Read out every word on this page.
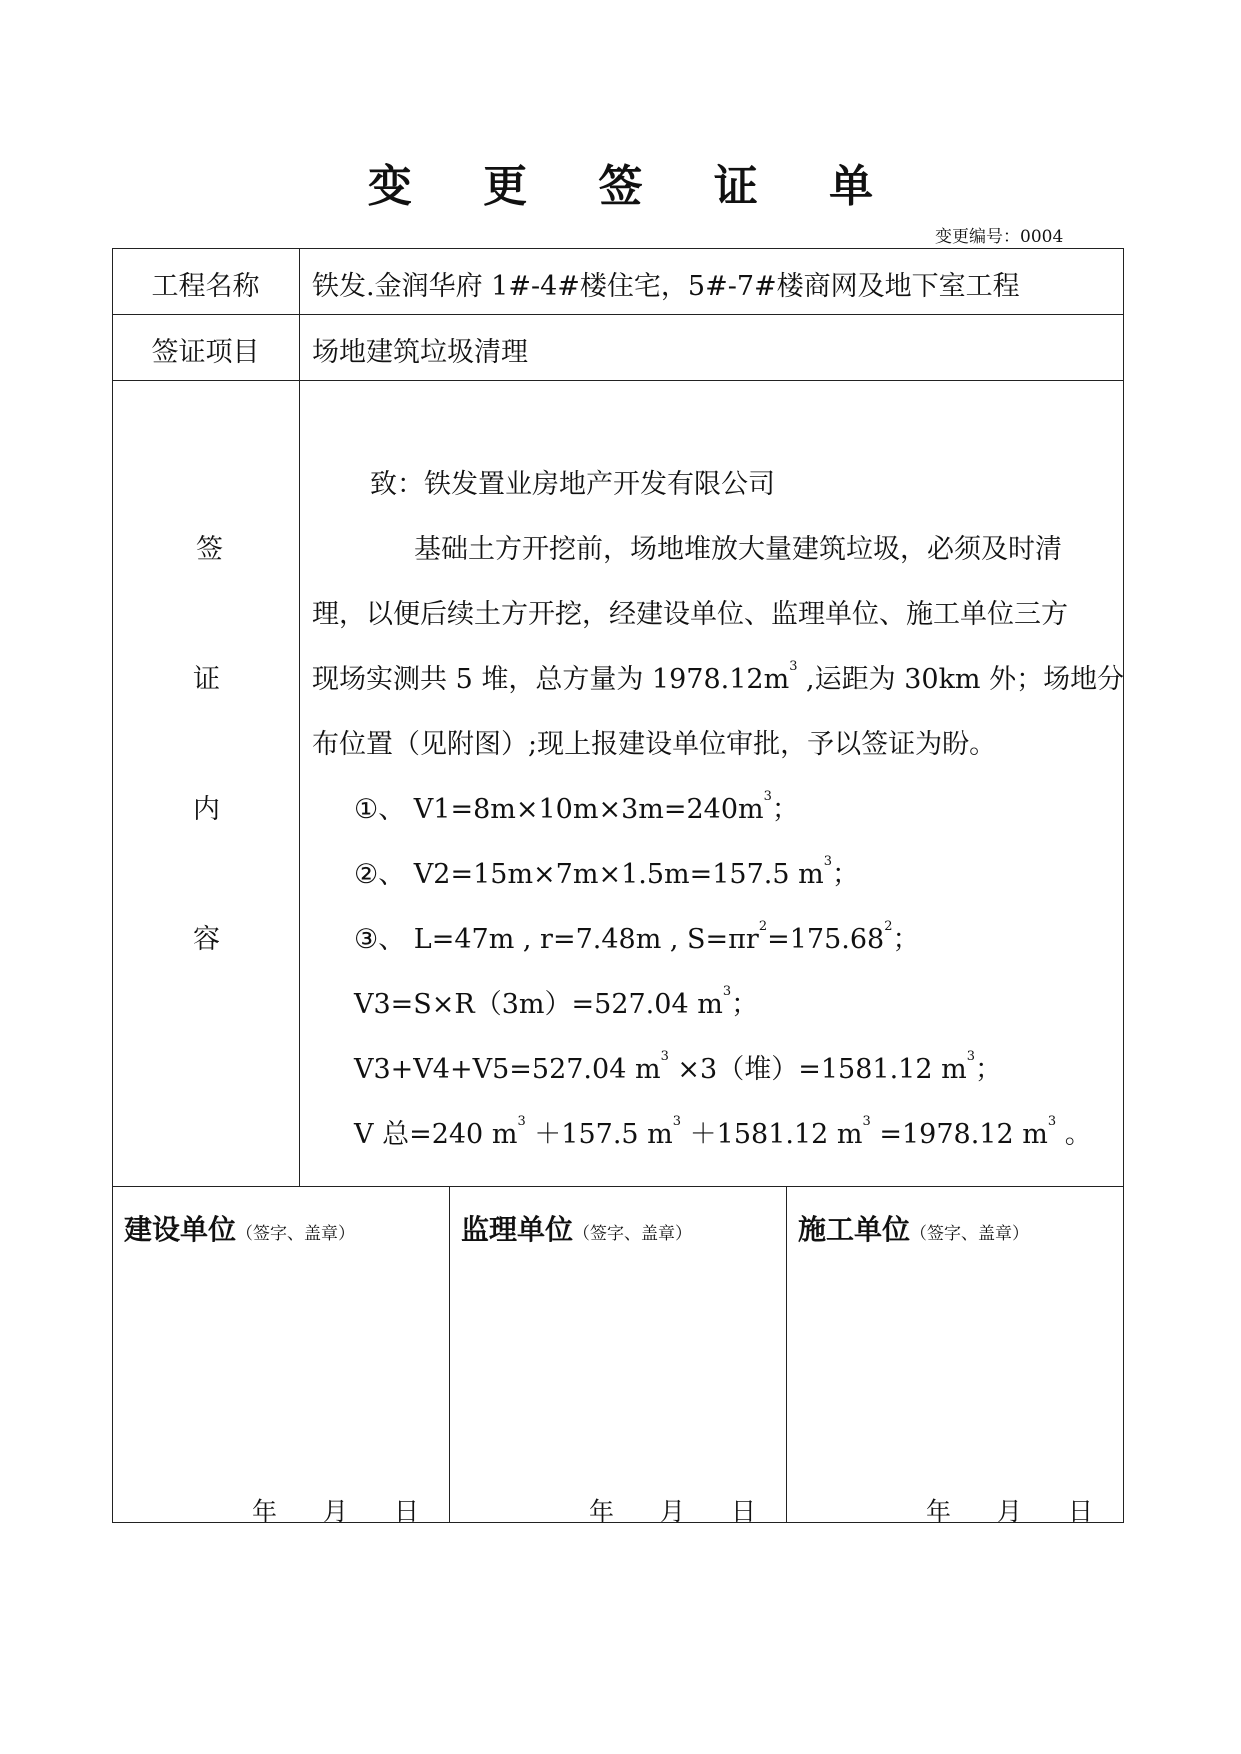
变 更 签 证 单
变更编号：0004
工程名称	铁发.金润华府 1#-4#楼住宅，5#-7#楼商网及地下室工程
签证项目	场地建筑垃圾清理
签
证
内
容
致：铁发置业房地产开发有限公司
基础土方开挖前，场地堆放大量建筑垃圾，必须及时清
理，以便后续土方开挖，经建设单位、监理单位、施工单位三方
现场实测共 5 堆，总方量为 $1978.12m^3$ ,运距为 30km 外；场地分
布位置（见附图）;现上报建设单位审批，予以签证为盼。
①、 $V1=8m\times 10m\times 3m=240m^3$；
②、 V2=15m×7m×1.5m=157.5 $m^3$；
③、 L=47m , r=7.48m , $S=\pi r^2=175.68^2$；
V3=S×R（3m）=527.04 $m^3$；
V3+V4+V5=527.04 $m^3 \times 3$（堆）=1581.12 $m^3$；
V 总=240 $m^3 +157.5$ $m^3 +1581.12$ $m^3 =1978.12$ $m^3$ 。
建设单位（签字、盖章）	监理单位（签字、盖章）	施工单位（签字、盖章）
年 月 日	年 月 日	年 月 日
